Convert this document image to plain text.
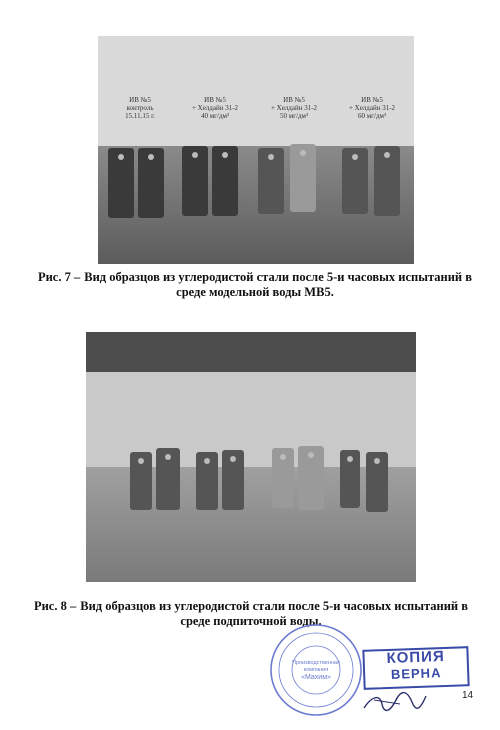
ИВ №5
контроль
15.11.15 г.
ИВ №5
+ Хелдайн 31-2
40 мг/дм³
ИВ №5
+ Хелдайн 31-2
50 мг/дм³
ИВ №5
+ Хелдайн 31-2
60 мг/дм³
Рис. 7 – Вид образцов из углеродистой стали после 5-и часовых испытаний в среде модельной воды МВ5.
Рис. 8 – Вид образцов из углеродистой стали после 5-и часовых испытаний в среде подпиточной воды.
Производственная
компания
«Махим»
КОПИЯ
ВЕРНА
14
